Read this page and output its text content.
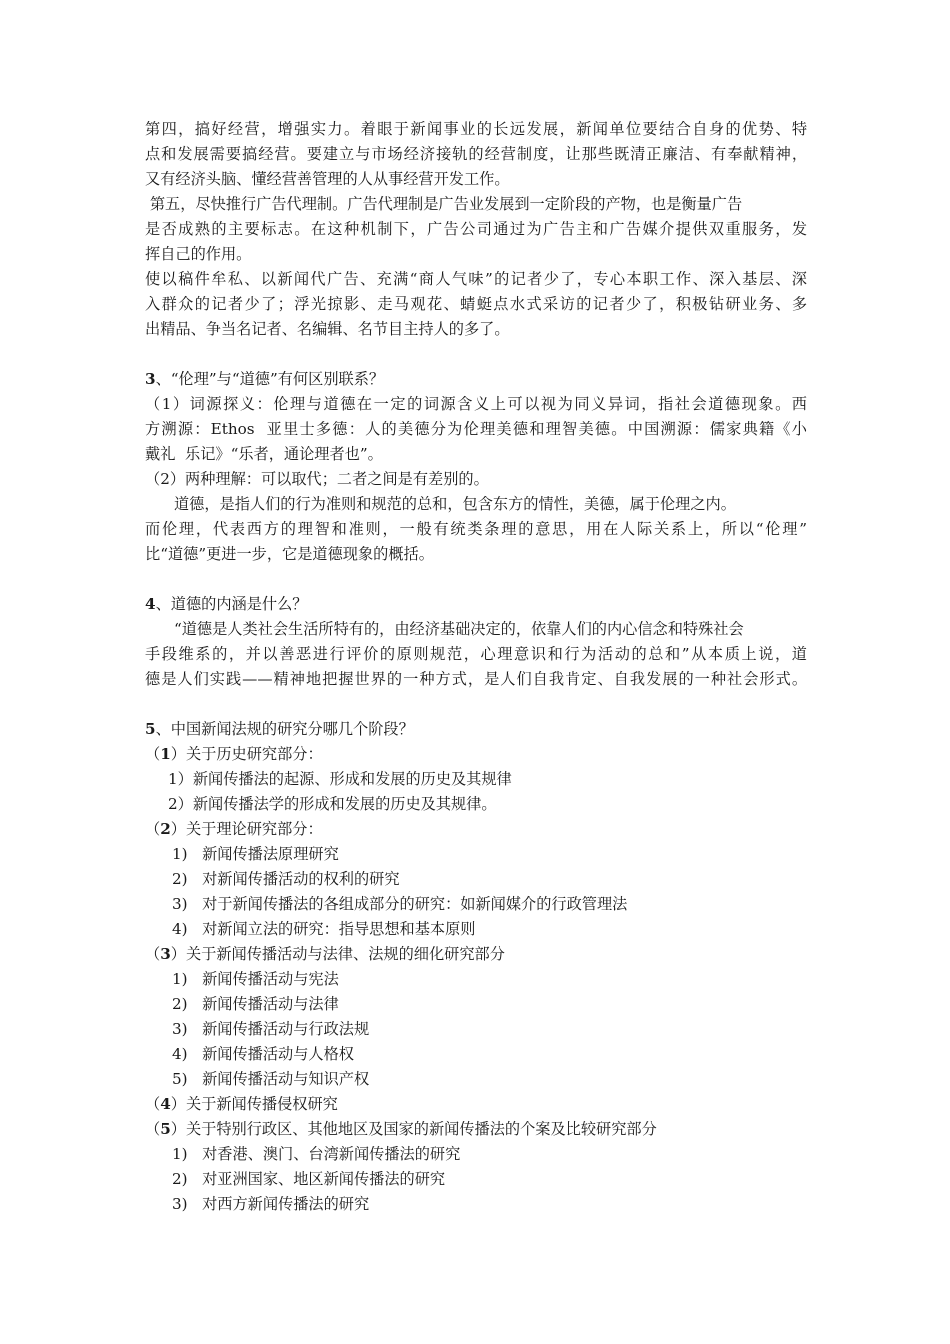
第四，搞好经营，增强实力。着眼于新闻事业的长远发展，新闻单位要结合自身的优势、特
点和发展需要搞经营。要建立与市场经济接轨的经营制度，让那些既清正廉洁、有奉献精神，
又有经济头脑、懂经营善管理的人从事经营开发工作。
第五，尽快推行广告代理制。广告代理制是广告业发展到一定阶段的产物，也是衡量广告
是否成熟的主要标志。在这种机制下，广告公司通过为广告主和广告媒介提供双重服务，发
挥自己的作用。
使以稿件牟私、以新闻代广告、充满“商人气味”的记者少了，专心本职工作、深入基层、深
入群众的记者少了；浮光掠影、走马观花、蜻蜓点水式采访的记者少了，积极钻研业务、多
出精品、争当名记者、名编辑、名节目主持人的多了。
3、“伦理”与“道德”有何区别联系？
（1）词源探义：伦理与道德在一定的词源含义上可以视为同义异词，指社会道德现象。西
方溯源：Ethos  亚里士多德：人的美德分为伦理美德和理智美德。中国溯源：儒家典籍《小
戴礼  乐记》“乐者，通论理者也”。
（2）两种理解：可以取代；二者之间是有差别的。
道德，是指人们的行为准则和规范的总和，包含东方的情性，美德，属于伦理之内。
而伦理，代表西方的理智和准则，一般有统类条理的意思，用在人际关系上，所以“伦理”
比“道德”更进一步，它是道德现象的概括。
4、道德的内涵是什么？
“道德是人类社会生活所特有的，由经济基础决定的，依靠人们的内心信念和特殊社会
手段维系的，并以善恶进行评价的原则规范，心理意识和行为活动的总和”从本质上说，道
德是人们实践——精神地把握世界的一种方式，是人们自我肯定、自我发展的一种社会形式。
5、中国新闻法规的研究分哪几个阶段？
（1）关于历史研究部分：
1）新闻传播法的起源、形成和发展的历史及其规律
2）新闻传播法学的形成和发展的历史及其规律。
（2）关于理论研究部分：
1)   新闻传播法原理研究
2)   对新闻传播活动的权利的研究
3)   对于新闻传播法的各组成部分的研究：如新闻媒介的行政管理法
4)   对新闻立法的研究：指导思想和基本原则
（3）关于新闻传播活动与法律、法规的细化研究部分
1)   新闻传播活动与宪法
2)   新闻传播活动与法律
3)   新闻传播活动与行政法规
4)   新闻传播活动与人格权
5)   新闻传播活动与知识产权
（4）关于新闻传播侵权研究
（5）关于特别行政区、其他地区及国家的新闻传播法的个案及比较研究部分
1)   对香港、澳门、台湾新闻传播法的研究
2)   对亚洲国家、地区新闻传播法的研究
3)   对西方新闻传播法的研究
